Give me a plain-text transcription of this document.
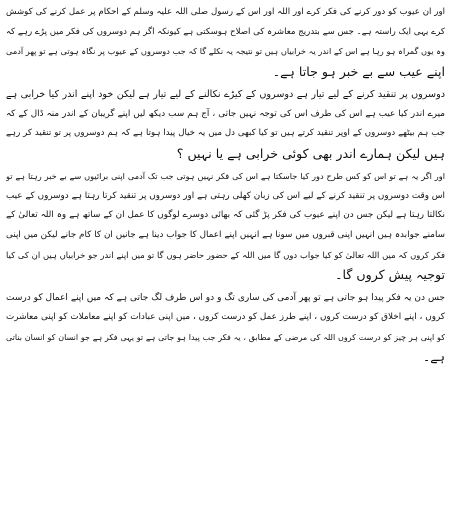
اور ان عیوب کو دور کرنے کی فکر کرے اور اللہ اور اس کے رسول صلی اللہ علیہ وسلم کے احکام پر عمل کرنے کی کوشش
کرے یہی ایک راستہ ہے۔ جس سے بتدریج معاشرہ کی اصلاح ہوسکتی ہے کیونکہ اگر ہم دوسروں کی فکر میں پڑے رہے کہ
وہ یوں گمراہ ہو رہا ہے اس کے اندر یہ خرابیاں ہیں تو نتیجہ یہ نکلے گا کہ جب دوسروں کے عیوب پر نگاہ ہوتی ہے تو پھر آدمی
اپنے عیب سے بے خبر ہو جاتا ہے۔
دوسروں پر تنقید کرنے کے لیے تیار ہے دوسروں کے کیڑے نکالنے کے لیے تیار ہے لیکن خود اپنے اندر کیا خرابی ہے
میرے اندر کیا عیب ہے اس کی طرف اس کی توجہ نہیں جاتی ، آج ہم سب دیکھ لیں اپنے گریبان کے اندر منہ ڈال کے کہ
جب ہم بیٹھے دوسروں کے اوپر تنقید کرتے ہیں تو کیا کبھی دل میں یہ خیال پیدا ہوتا ہے کہ ہم دوسروں پر تو تنقید کر رہے
ہیں لیکن ہمارے اندر بھی کوئی خرابی ہے یا نہیں ؟
اور اگر یہ ہے تو اس کو کس طرح دور کیا جاسکتا ہے اس کی فکر نہیں ہوتی جب تک آدمی اپنی برائیوں سے بے خبر رہتا ہے تو
اس وقت دوسروں پر تنقید کرنے کے لیے اس کی زبان کھلی رہتی ہے اور دوسروں پر تنقید کرتا رہتا ہے دوسروں کے عیب
نکالتا رہتا ہے لیکن جس دن اپنے عیوب کی فکر پڑ گئی کہ بھائی دوسرے لوگوں کا عمل ان کے ساتھ ہے وہ اللہ تعالیٰ کے
سامنے جوابدہ ہیں انہیں اپنی قبروں میں سونا ہے انہیں اپنے اعمال کا جواب دینا ہے جانیں ان کا کام جانے لیکن میں اپنی
فکر کروں کہ میں اللہ تعالیٰ کو کیا جواب دوں گا میں اللہ کے حضور حاضر ہوں گا تو میں اپنے اندر جو خرابیاں ہیں ان کی کیا
توجیہ پیش کروں گا۔
جس دن یہ فکر پیدا ہو جاتی ہے تو پھر آدمی کی ساری تگ و دو اس طرف لگ جاتی ہے کہ میں اپنے اعمال کو درست
کروں ، اپنے اخلاق کو درست کروں ، اپنے طرز عمل کو درست کروں ، میں اپنی عبادات کو اپنے معاملات کو اپنی معاشرت
کو اپنی ہر چیز کو درست کروں اللہ کی مرضی کے مطابق ، یہ فکر جب پیدا ہو جاتی ہے تو یہی فکر ہے جو انسان کو انسان بناتی
ہے۔
